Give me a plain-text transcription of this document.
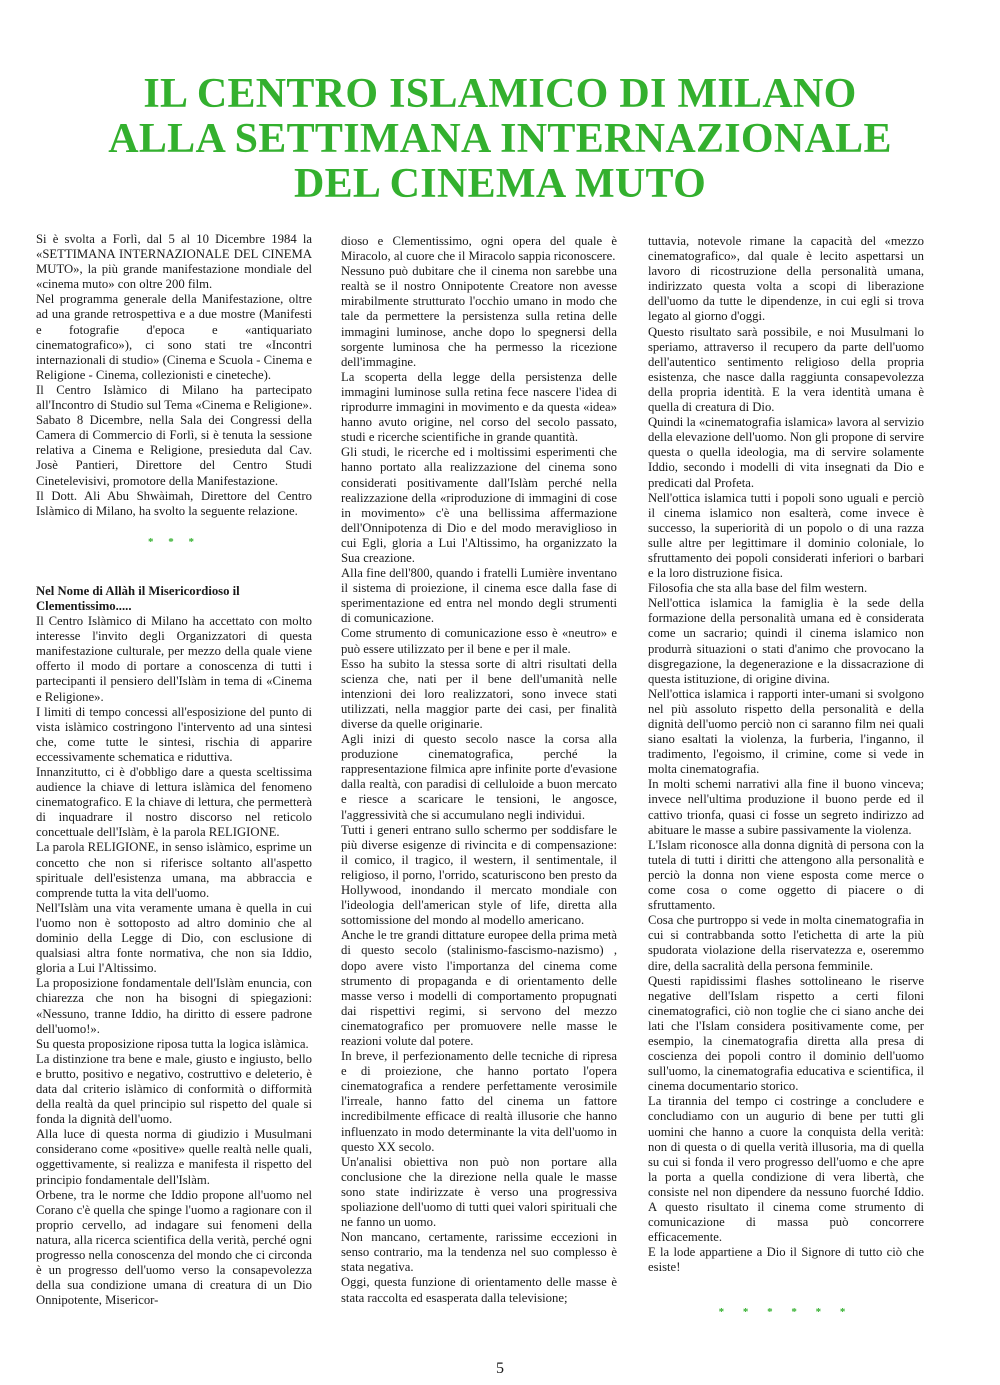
IL CENTRO ISLAMICO DI MILANO
ALLA SETTIMANA INTERNAZIONALE
DEL CINEMA MUTO

Si è svolta a Forlì, dal 5 al 10 Dicembre 1984 la «SETTIMANA INTERNAZIONALE DEL CINEMA MUTO», la più grande manifestazione mondiale del «cinema muto» con oltre 200 film.

Nel programma generale della Manifestazione, oltre ad una grande retrospettiva e a due mostre (Manifesti e fotografie d'epoca e «antiquariato cinematografico»), ci sono stati tre «Incontri internazionali di studio» (Cinema e Scuola - Cinema e Religione - Cinema, collezionisti e cineteche).

Il Centro Islàmico di Milano ha partecipato all'Incontro di Studio sul Tema «Cinema e Religione».

Sabato 8 Dicembre, nella Sala dei Congressi della Camera di Commercio di Forlì, si è tenuta la sessione relativa a Cinema e Religione, presieduta dal Cav. Josè Pantieri, Direttore del Centro Studi Cinetelevisivi, promotore della Manifestazione.

Il Dott. Ali Abu Shwàimah, Direttore del Centro Islàmico di Milano, ha svolto la seguente relazione.

* * *

Nel Nome di Allàh il Misericordioso il Clementissimo.....

Il Centro Islàmico di Milano ha accettato con molto interesse l'invito degli Organizzatori di questa manifestazione culturale, per mezzo della quale viene offerto il modo di portare a conoscenza di tutti i partecipanti il pensiero dell'Islàm in tema di «Cinema e Religione».

I limiti di tempo concessi all'esposizione del punto di vista islàmico costringono l'intervento ad una sintesi che, come tutte le sintesi, rischia di apparire eccessivamente schematica e riduttiva.

Innanzitutto, ci è d'obbligo dare a questa sceltissima audience la chiave di lettura islàmica del fenomeno cinematografico. E la chiave di lettura, che permetterà di inquadrare il nostro discorso nel reticolo concettuale dell'Islàm, è la parola RELIGIONE.

La parola RELIGIONE, in senso islàmico, esprime un concetto che non si riferisce soltanto all'aspetto spirituale dell'esistenza umana, ma abbraccia e comprende tutta la vita dell'uomo.

Nell'Islàm una vita veramente umana è quella in cui l'uomo non è sottoposto ad altro dominio che al dominio della Legge di Dio, con esclusione di qualsiasi altra fonte normativa, che non sia Iddio, gloria a Lui l'Altissimo.

La proposizione fondamentale dell'Islàm enuncia, con chiarezza che non ha bisogni di spiegazioni: «Nessuno, tranne Iddio, ha diritto di essere padrone dell'uomo!».

Su questa proposizione riposa tutta la logica islàmica.

La distinzione tra bene e male, giusto e ingiusto, bello e brutto, positivo e negativo, costruttivo e deleterio, è data dal criterio islàmico di conformità o difformità della realtà da quel principio sul rispetto del quale si fonda la dignità dell'uomo.

Alla luce di questa norma di giudizio i Musulmani considerano come «positive» quelle realtà nelle quali, oggettivamente, si realizza e manifesta il rispetto del principio fondamentale dell'Islàm.

Orbene, tra le norme che Iddio propone all'uomo nel Corano c'è quella che spinge l'uomo a ragionare con il proprio cervello, ad indagare sui fenomeni della natura, alla ricerca scientifica della verità, perché ogni progresso nella conoscenza del mondo che ci circonda è un progresso dell'uomo verso la consapevolezza della sua condizione umana di creatura di un Dio Onnipotente, Misericor-

dioso e Clementissimo, ogni opera del quale è Miracolo, al cuore che il Miracolo sappia riconoscere.

Nessuno può dubitare che il cinema non sarebbe una realtà se il nostro Onnipotente Creatore non avesse mirabilmente strutturato l'occhio umano in modo che tale da permettere la persistenza sulla retina delle immagini luminose, anche dopo lo spegnersi della sorgente luminosa che ha permesso la ricezione dell'immagine.

La scoperta della legge della persistenza delle immagini luminose sulla retina fece nascere l'idea di riprodurre immagini in movimento e da questa «idea» hanno avuto origine, nel corso del secolo passato, studi e ricerche scientifiche in grande quantità.

Gli studi, le ricerche ed i moltissimi esperimenti che hanno portato alla realizzazione del cinema sono considerati positivamente dall'Islàm perché nella realizzazione della «riproduzione di immagini di cose in movimento» c'è una bellissima affermazione dell'Onnipotenza di Dio e del modo meraviglioso in cui Egli, gloria a Lui l'Altissimo, ha organizzato la Sua creazione.

Alla fine dell'800, quando i fratelli Lumière inventano il sistema di proiezione, il cinema esce dalla fase di sperimentazione ed entra nel mondo degli strumenti di comunicazione.

Come strumento di comunicazione esso è «neutro» e può essere utilizzato per il bene e per il male.

Esso ha subito la stessa sorte di altri risultati della scienza che, nati per il bene dell'umanità nelle intenzioni dei loro realizzatori, sono invece stati utilizzati, nella maggior parte dei casi, per finalità diverse da quelle originarie.

Agli inizi di questo secolo nasce la corsa alla produzione cinematografica, perché la rappresentazione filmica apre infinite porte d'evasione dalla realtà, con paradisi di celluloide a buon mercato e riesce a scaricare le tensioni, le angosce, l'aggressività che si accumulano negli individui.

Tutti i generi entrano sullo schermo per soddisfare le più diverse esigenze di rivincita e di compensazione: il comico, il tragico, il western, il sentimentale, il religioso, il porno, l'orrido, scaturiscono ben presto da Hollywood, inondando il mercato mondiale con l'ideologia dell'american style of life, diretta alla sottomissione del mondo al modello americano.

Anche le tre grandi dittature europee della prima metà di questo secolo (stalinismo-fascismo-nazismo) , dopo avere visto l'importanza del cinema come strumento di propaganda e di orientamento delle masse verso i modelli di comportamento propugnati dai rispettivi regimi, si servono del mezzo cinematografico per promuovere nelle masse le reazioni volute dal potere.

In breve, il perfezionamento delle tecniche di ripresa e di proiezione, che hanno portato l'opera cinematografica a rendere perfettamente verosimile l'irreale, hanno fatto del cinema un fattore incredibilmente efficace di realtà illusorie che hanno influenzato in modo determinante la vita dell'uomo in questo XX secolo.

Un'analisi obiettiva non può non portare alla conclusione che la direzione nella quale le masse sono state indirizzate è verso una progressiva spoliazione dell'uomo di tutti quei valori spirituali che ne fanno un uomo.

Non mancano, certamente, rarissime eccezioni in senso contrario, ma la tendenza nel suo complesso è stata negativa.

Oggi, questa funzione di orientamento delle masse è stata raccolta ed esasperata dalla televisione;

tuttavia, notevole rimane la capacità del «mezzo cinematografico», dal quale è lecito aspettarsi un lavoro di ricostruzione della personalità umana, indirizzato questa volta a scopi di liberazione dell'uomo da tutte le dipendenze, in cui egli si trova legato al giorno d'oggi.

Questo risultato sarà possibile, e noi Musulmani lo speriamo, attraverso il recupero da parte dell'uomo dell'autentico sentimento religioso della propria esistenza, che nasce dalla raggiunta consapevolezza della propria identità. E la vera identità umana è quella di creatura di Dio.

Quindi la «cinematografia islamica» lavora al servizio della elevazione dell'uomo. Non gli propone di servire questa o quella ideologia, ma di servire solamente Iddio, secondo i modelli di vita insegnati da Dio e predicati dal Profeta.

Nell'ottica islamica tutti i popoli sono uguali e perciò il cinema islamico non esalterà, come invece è successo, la superiorità di un popolo o di una razza sulle altre per legittimare il dominio coloniale, lo sfruttamento dei popoli considerati inferiori o barbari e la loro distruzione fisica.

Filosofia che sta alla base del film western.

Nell'ottica islamica la famiglia è la sede della formazione della personalità umana ed è considerata come un sacrario; quindi il cinema islamico non produrrà situazioni o stati d'animo che provocano la disgregazione, la degenerazione e la dissacrazione di questa istituzione, di origine divina.

Nell'ottica islamica i rapporti inter-umani si svolgono nel più assoluto rispetto della personalità e della dignità dell'uomo perciò non ci saranno film nei quali siano esaltati la violenza, la furberia, l'inganno, il tradimento, l'egoismo, il crimine, come si vede in molta cinematografia.

In molti schemi narrativi alla fine il buono vinceva; invece nell'ultima produzione il buono perde ed il cattivo trionfa, quasi ci fosse un segreto indirizzo ad abituare le masse a subire passivamente la violenza.

L'Islam riconosce alla donna dignità di persona con la tutela di tutti i diritti che attengono alla personalità e perciò la donna non viene esposta come merce o come cosa o come oggetto di piacere o di sfruttamento.

Cosa che purtroppo si vede in molta cinematografia in cui si contrabbanda sotto l'etichetta di arte la più spudorata violazione della riservatezza e, oseremmo dire, della sacralità della persona femminile.

Questi rapidissimi flashes sottolineano le riserve negative dell'Islam rispetto a certi filoni cinematografici, ciò non toglie che ci siano anche dei lati che l'Islam considera positivamente come, per esempio, la cinematografia diretta alla presa di coscienza dei popoli contro il dominio dell'uomo sull'uomo, la cinematografia educativa e scientifica, il cinema documentario storico.

La tirannia del tempo ci costringe a concludere e concludiamo con un augurio di bene per tutti gli uomini che hanno a cuore la conquista della verità: non di questa o di quella verità illusoria, ma di quella su cui si fonda il vero progresso dell'uomo e che apre la porta a quella condizione di vera libertà, che consiste nel non dipendere da nessuno fuorché Iddio. A questo risultato il cinema come strumento di comunicazione di massa può concorrere efficacemente.

E la lode appartiene a Dio il Signore di tutto ciò che esiste!

* * * * * *
5
